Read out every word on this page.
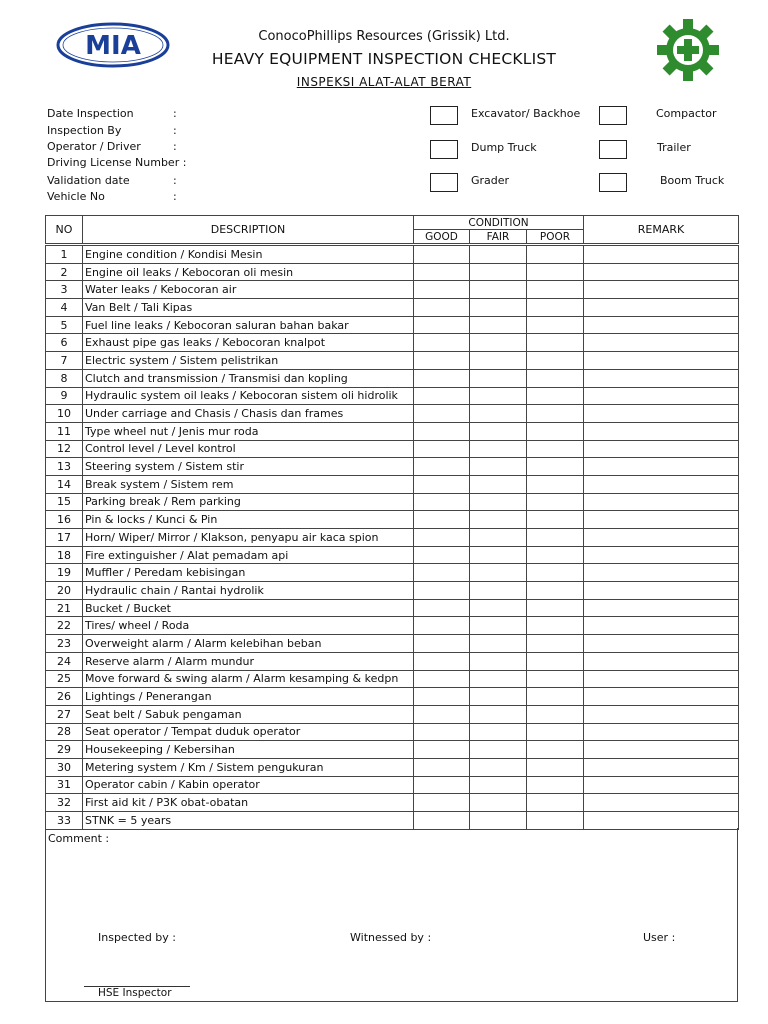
MIA	ConocoPhillips Resources (Grissik) Ltd.
HEAVY EQUIPMENT INSPECTION CHECKLIST
INSPEKSI ALAT-ALAT BERAT
Date Inspection	:
Inspection By	:
Operator / Driver	:
Driving License Number :
Validation date	:
Vehicle No	:
Excavator/ Backhoe	Compactor
Dump Truck	Trailer
Grader	Boom Truck
NO	DESCRIPTION	CONDITION			REMARK
		GOOD	FAIR	POOR	
1	Engine condition / Kondisi Mesin				
2	Engine oil leaks / Kebocoran oli mesin				
3	Water leaks / Kebocoran air				
4	Van Belt / Tali Kipas				
5	Fuel line leaks / Kebocoran saluran bahan bakar				
6	Exhaust pipe gas leaks / Kebocoran knalpot				
7	Electric system / Sistem pelistrikan				
8	Clutch and transmission / Transmisi dan kopling				
9	Hydraulic system oil leaks / Kebocoran sistem oli hidrolik				
10	Under carriage and Chasis / Chasis dan frames				
11	Type wheel nut / Jenis mur roda				
12	Control level / Level kontrol				
13	Steering system / Sistem stir				
14	Break system / Sistem rem				
15	Parking break / Rem parking				
16	Pin & locks / Kunci & Pin				
17	Horn/ Wiper/ Mirror / Klakson, penyapu air kaca spion				
18	Fire extinguisher / Alat pemadam api				
19	Muffler / Peredam kebisingan				
20	Hydraulic chain / Rantai hydrolik				
21	Bucket / Bucket				
22	Tires/ wheel / Roda				
23	Overweight alarm / Alarm kelebihan beban				
24	Reserve alarm / Alarm mundur				
25	Move forward & swing alarm / Alarm kesamping & kedpn				
26	Lightings / Penerangan				
27	Seat belt / Sabuk pengaman				
28	Seat operator / Tempat duduk operator				
29	Housekeeping / Kebersihan				
30	Metering system / Km / Sistem pengukuran				
31	Operator cabin / Kabin operator				
32	First aid kit / P3K obat-obatan				
33	STNK = 5 years				
Comment :
Inspected by :	Witnessed by :	User :
HSE Inspector
